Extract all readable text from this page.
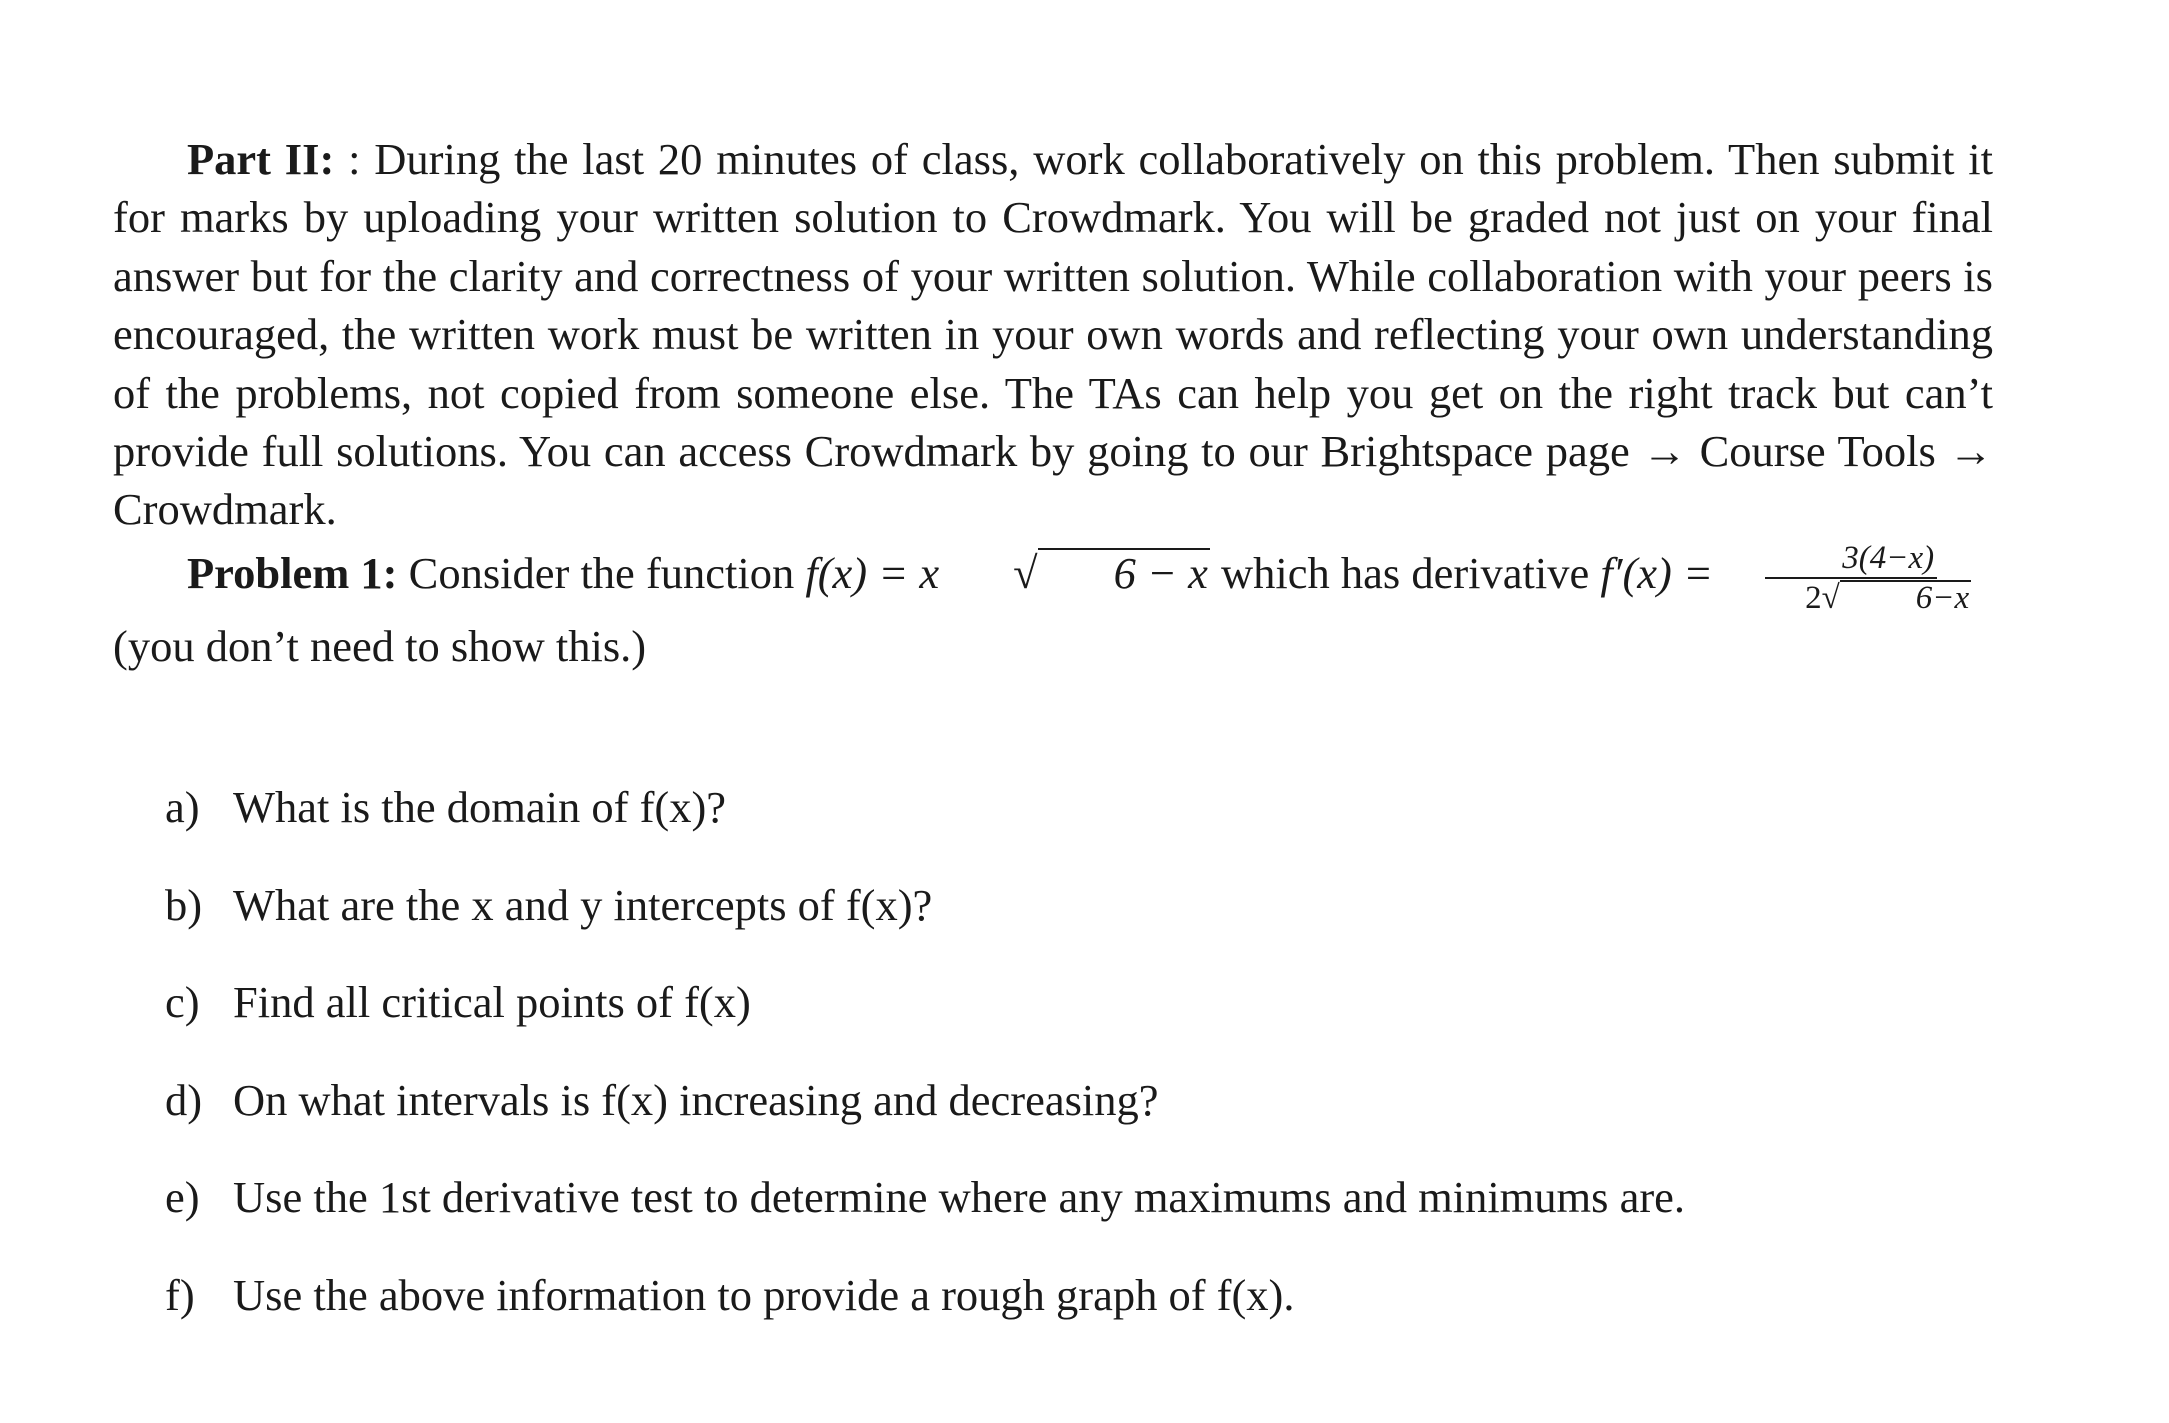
Part II: : During the last 20 minutes of class, work collaboratively on this problem. Then submit it for marks by uploading your written solution to Crowdmark. You will be graded not just on your final answer but for the clarity and correctness of your written solution. While collaboration with your peers is encouraged, the written work must be written in your own words and reflecting your own understanding of the problems, not copied from someone else. The TAs can help you get on the right track but can’t provide full solutions. You can access Crowdmark by going to our Brightspace page → Course Tools → Crowdmark.

Problem 1: Consider the function f(x) = x √ 6 − x which has derivative $f'(x) = \frac{3(4-x)}{2√ 6-x}$

(you don’t need to show this.)

a) What is the domain of f(x)?
b) What are the x and y intercepts of f(x)?
c) Find all critical points of f(x)
d) On what intervals is f(x) increasing and decreasing?
e) Use the 1st derivative test to determine where any maximums and minimums are.
f) Use the above information to provide a rough graph of f(x).
